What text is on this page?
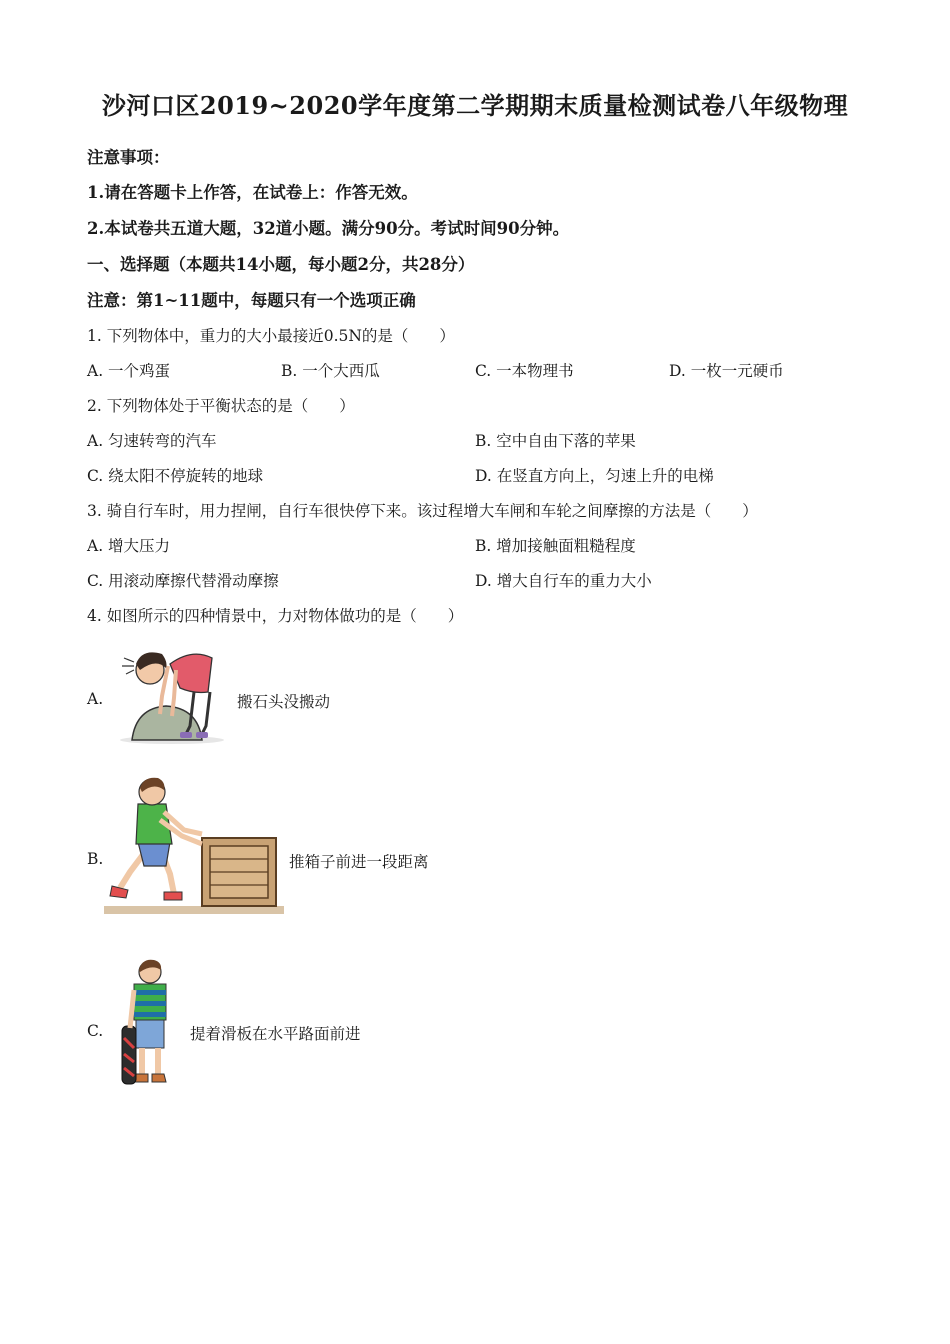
沙河口区2019~2020学年度第二学期期末质量检测试卷八年级物理
注意事项：
1.请在答题卡上作答，在试卷上：作答无效。
2.本试卷共五道大题，32道小题。满分90分。考试时间90分钟。
一、选择题（本题共14小题，每小题2分，共28分）
注意：第1~11题中，每题只有一个选项正确
1. 下列物体中，重力的大小最接近0.5N的是（　　）
A. 一个鸡蛋	B. 一个大西瓜	C. 一本物理书	D. 一枚一元硬币
2. 下列物体处于平衡状态的是（　　）
A. 匀速转弯的汽车	B. 空中自由下落的苹果
C. 绕太阳不停旋转的地球	D. 在竖直方向上，匀速上升的电梯
3. 骑自行车时，用力捏闸，自行车很快停下来。该过程增大车闸和车轮之间摩擦的方法是（　　）
A. 增大压力	B. 增加接触面粗糙程度
C. 用滚动摩擦代替滑动摩擦	D. 增大自行车的重力大小
4. 如图所示的四种情景中，力对物体做功的是（　　）
A.	搬石头没搬动
B.	推箱子前进一段距离
C.	提着滑板在水平路面前进
